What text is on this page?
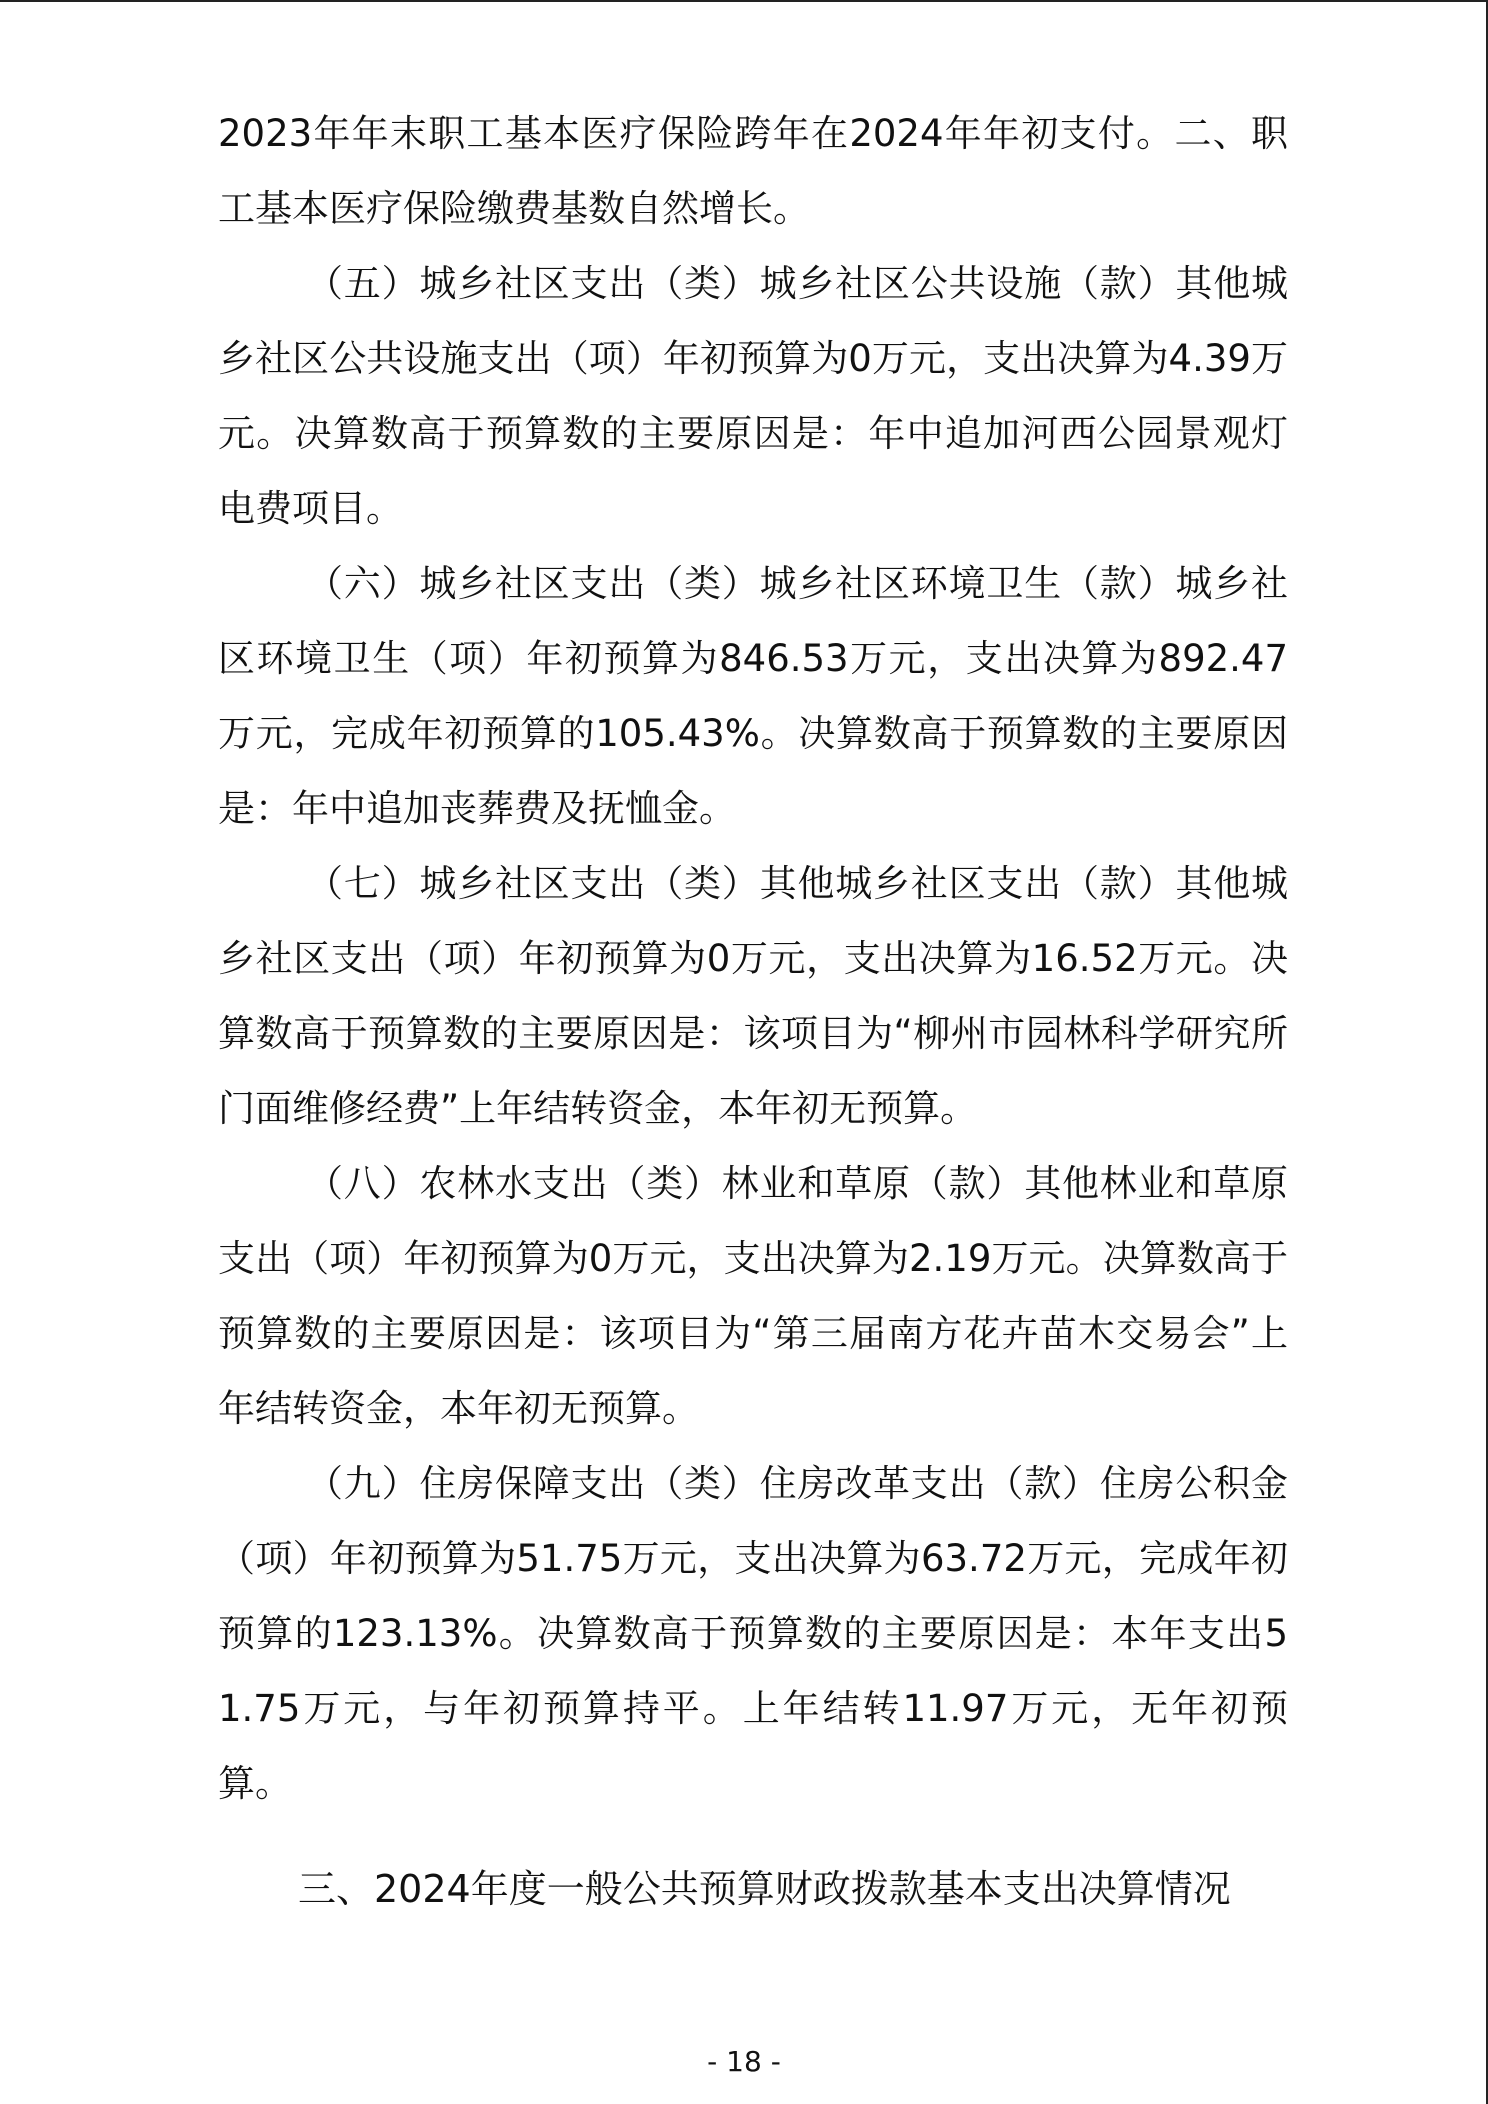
2023年年末职工基本医疗保险跨年在2024年年初支付。二、职工基本医疗保险缴费基数自然增长。

（五）城乡社区支出（类）城乡社区公共设施（款）其他城乡社区公共设施支出（项）年初预算为0万元，支出决算为4.39万元。决算数高于预算数的主要原因是：年中追加河西公园景观灯电费项目。

（六）城乡社区支出（类）城乡社区环境卫生（款）城乡社区环境卫生（项）年初预算为846.53万元，支出决算为892.47万元，完成年初预算的105.43%。决算数高于预算数的主要原因是：年中追加丧葬费及抚恤金。

（七）城乡社区支出（类）其他城乡社区支出（款）其他城乡社区支出（项）年初预算为0万元，支出决算为16.52万元。决算数高于预算数的主要原因是：该项目为“柳州市园林科学研究所门面维修经费”上年结转资金，本年初无预算。

（八）农林水支出（类）林业和草原（款）其他林业和草原支出（项）年初预算为0万元，支出决算为2.19万元。决算数高于预算数的主要原因是：该项目为“第三届南方花卉苗木交易会”上年结转资金，本年初无预算。

（九）住房保障支出（类）住房改革支出（款）住房公积金（项）年初预算为51.75万元，支出决算为63.72万元，完成年初预算的123.13%。决算数高于预算数的主要原因是：本年支出51.75万元，与年初预算持平。上年结转11.97万元，无年初预算。

三、2024年度一般公共预算财政拨款基本支出决算情况
- 18 -
